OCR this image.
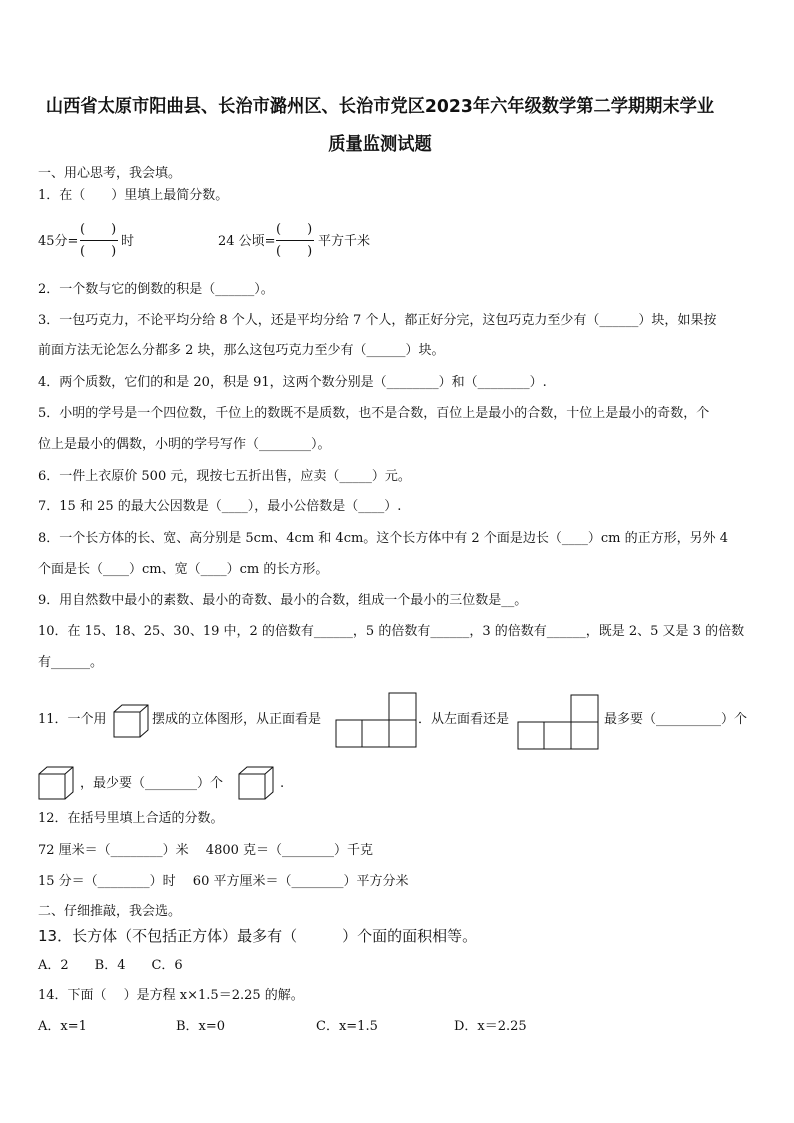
山西省太原市阳曲县、长治市潞州区、长治市党区2023年六年级数学第二学期期末学业
质量监测试题
一、用心思考，我会填。
1．在（　　）里填上最简分数。
45分=
(　　)
(　　)
时	24 公顷=
(　　)
(　　)
平方千米
2．一个数与它的倒数的积是（______）。
3．一包巧克力，不论平均分给 8 个人，还是平均分给 7 个人，都正好分完，这包巧克力至少有（______）块，如果按
前面方法无论怎么分都多 2 块，那么这包巧克力至少有（______）块。
4．两个质数，它们的和是 20，积是 91，这两个数分别是（________）和（________）.
5．小明的学号是一个四位数，千位上的数既不是质数，也不是合数，百位上是最小的合数，十位上是最小的奇数，个
位上是最小的偶数，小明的学号写作（________）。
6．一件上衣原价 500 元，现按七五折出售，应卖（_____）元。
7．15 和 25 的最大公因数是（____），最小公倍数是（____）.
8．一个长方体的长、宽、高分别是 5cm、4cm 和 4cm。这个长方体中有 2 个面是边长（____）cm 的正方形，另外 4
个面是长（____）cm、宽（____）cm 的长方形。
9．用自然数中最小的素数、最小的奇数、最小的合数，组成一个最小的三位数是__。
10．在 15、18、25、30、19 中，2 的倍数有______，5 的倍数有______，3 的倍数有______，既是 2、5 又是 3 的倍数
有______。
11．一个用	摆成的立体图形，从正面看是	．从左面看还是	最多要（__________）个
，最少要（________）个	.
12．在括号里填上合适的分数。
72 厘米＝（________）米　 4800 克＝（________）千克
15 分＝（________）时　 60 平方厘米＝（________）平方分米
二、仔细推敲，我会选。
13．长方体（不包括正方体）最多有（　　　）个面的面积相等。
A．2　　B．4　　C．6
14．下面（　 ）是方程 x×1.5＝2.25 的解。
A．x=1	B．x=0	C．x=1.5	D．x＝2.25
